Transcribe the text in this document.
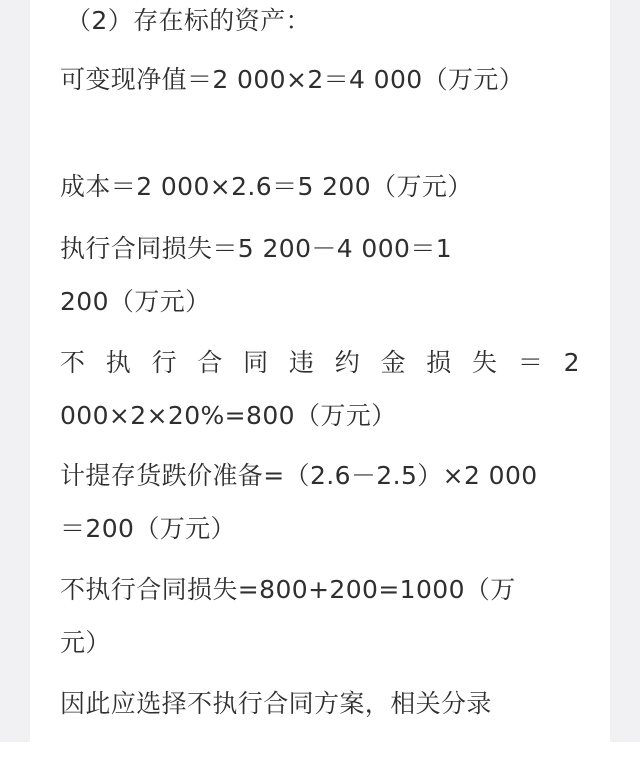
（2）存在标的资产：
可变现净值＝2 000×2＝4 000（万元）
成本＝2 000×2.6＝5 200（万元）
执行合同损失＝5 200－4 000＝1
200（万元）
不 执 行 合 同 违 约 金 损 失 ＝ 2
000×2×20%=800（万元）
计提存货跌价准备=（2.6－2.5）×2 000
＝200（万元）
不执行合同损失=800+200=1000（万
元）
因此应选择不执行合同方案，相关分录
